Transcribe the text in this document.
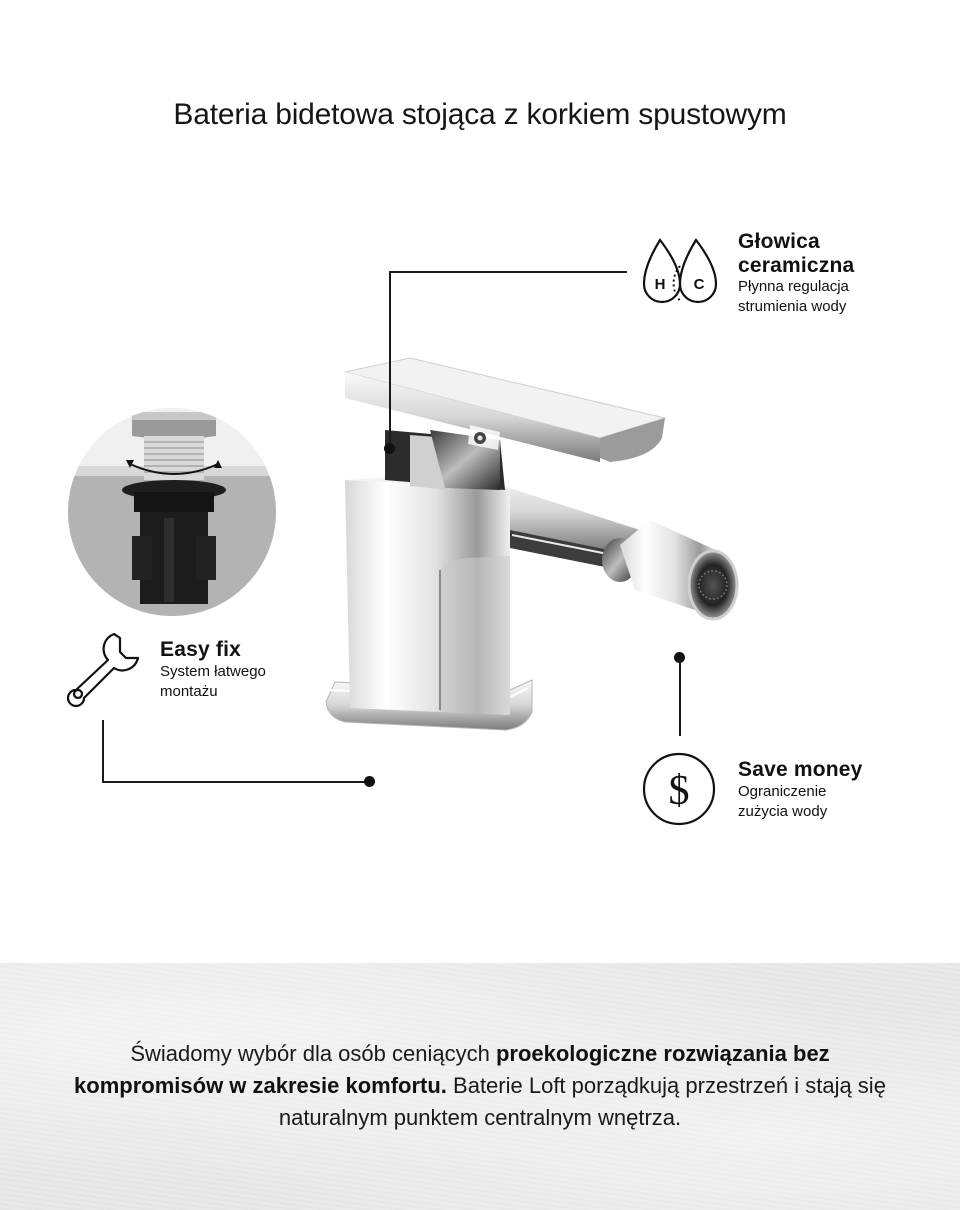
Bateria bidetowa stojąca z korkiem spustowym
H C
Głowica
ceramiczna
Płynna regulacja
strumienia wody
Easy fix
System łatwego
montażu
$ Save money
Ograniczenie
zużycia wody
Świadomy wybór dla osób ceniących proekologiczne rozwiązania bez kompromisów w zakresie komfortu. Baterie Loft porządkują przestrzeń i stają się naturalnym punktem centralnym wnętrza.
